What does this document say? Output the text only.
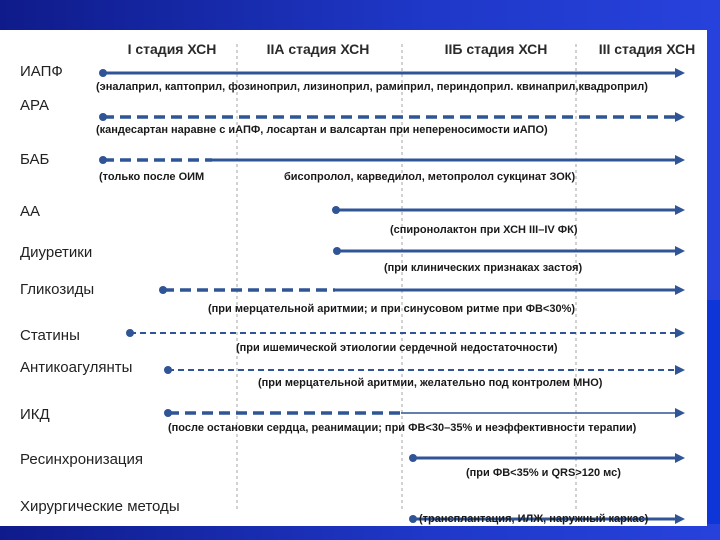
I стадия ХСН	IIА стадия ХСН	IIБ стадия ХСН	III стадия ХСН
ИАПФ
(эналаприл, каптоприл, фозиноприл, лизиноприл, рамиприл, периндоприл. квинаприл,квадроприл)
АРА
(кандесартан наравне с иАПФ, лосартан и валсартан при непереносимости иАПО)
БАБ
(только после ОИМ	бисопролол, карведилол, метопролол сукцинат ЗОК)
АА
(спиронолактон при ХСН III–IV ФК)
Диуретики
(при клинических признаках застоя)
Гликозиды
(при мерцательной аритмии; и при синусовом ритме при ФВ<30%)
Статины
(при ишемической этиологии сердечной недостаточности)
Антикоагулянты
(при мерцательной аритмии, желательно под контролем МНО)
ИКД
(после остановки сердца, реанимации; при ФВ<30–35% и неэффективности терапии)
Ресинхронизация
(при ФВ<35% и QRS>120 мс)
Хирургические методы
(трансплантация, ИЛЖ, наружный каркас)
